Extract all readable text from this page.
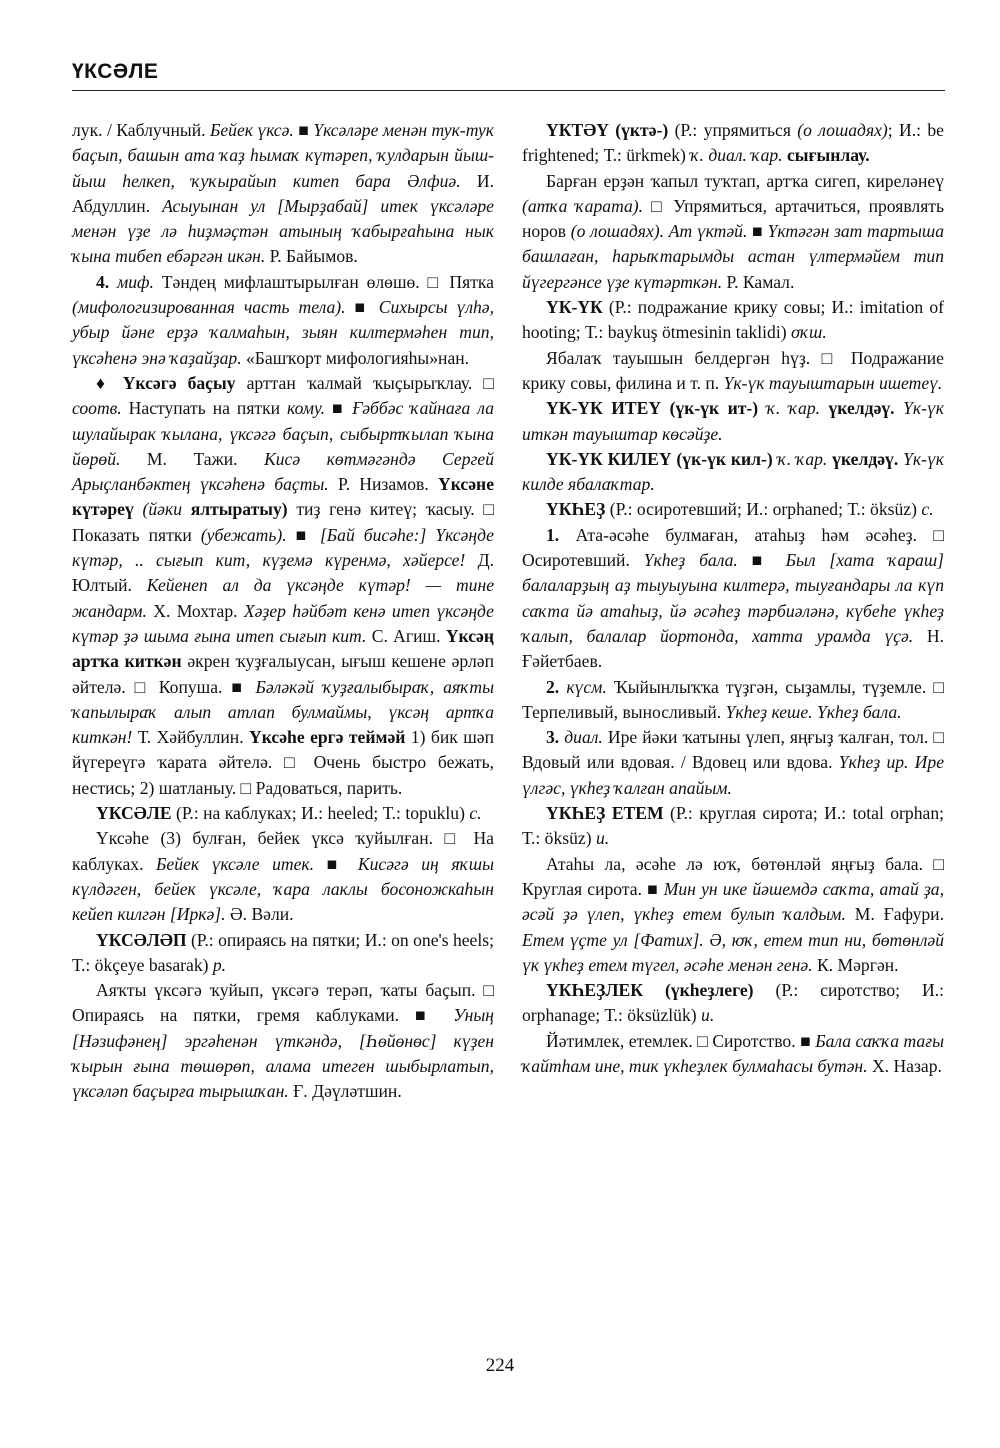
ҮКСӘЛЕ

лук. / Каблучный. Бейек үксә. ■ Үксәләре менән тук-тук баҫып, башын ата ҡаҙ һымаҡ күтәреп, ҡулдарын йыш-йыш һелкеп, ҡуҡырайып китеп бара Әлфиә. И. Абдуллин. Асыуынан ул [Мырҙабай] итек үксәләре менән үҙе лә һиҙмәҫтән атының ҡабырғаһына нык ҡына тибеп ебәргән икән. Р. Байымов.

4. миф. Тәндең мифлаштырылған өлөшө. □ Пятка (мифологизированная часть тела). ■ Сихырсы үлһә, убыр йәне ерҙә ҡалмаһын, зыян килтермәһен тип, үксәһенә энә ҡаҙайҙар. «Башҡорт мифологияһы»нан.

♦ Үксәгә баҫыу арттан ҡалмай ҡыҫырыҡлау. □ соотв. Наступать на пятки кому. ■ Ғәббәс ҡайнаға ла шулайырак ҡылана, үксәгә баҫып, сыбыртҡылап ҡына йөрөй. М. Тажи. Кисә көтмәгәндә Сергей Арыҫланбәктең үксәһенә баҫты. Р. Низамов. Үксәне күтәреү (йәки ялтыратыу) тиҙ генә китеү; ҡасыу. □ Показать пятки (убежать). ■ [Бай бисәһе:] Үксәңде күтәр, .. сығып кит, күҙемә күренмә, хәйерсе! Д. Юлтый. Кейенеп ал да үксәңде күтәр! — тине жандарм. Х. Мохтар. Хәҙер һәйбәт кенә итеп үксәңде күтәр ҙә шыма ғына итеп сығып кит. С. Агиш. Үксәң артҡа киткән әкрен ҡуҙғалыусан, ығыш кешене әрләп әйтелә. □ Копуша. ■ Бәләкәй ҡуҙғалыбыраҡ, аяҡты ҡапылыраҡ алып атлап булмаймы, үксәң артҡа киткән! Т. Хәйбуллин. Үксәһе ергә теймәй 1) бик шәп йүгереүгә ҡарата әйтелә. □ Очень быстро бежать, нестись; 2) шатланыу. □ Радоваться, парить.

ҮКСӘЛЕ (Р.: на каблуках; И.: heeled; Т.: topuklu) с.

Үксәһе (3) булған, бейек үксә ҡуйылған. □ На каблуках. Бейек үксәле итек. ■ Кисәгә иң яҡшы күлдәген, бейек үксәле, ҡара лаклы босоножкаһын кейеп килгән [Иркә]. Ә. Вәли.

ҮКСӘЛӘП (Р.: опираясь на пятки; И.: on one's heels; Т.: ökçeye basarak) р.

Аяҡты үксәгә ҡуйып, үксәгә терәп, ҡаты баҫып. □ Опираясь на пятки, гремя каблуками. ■ Уның [Нәзифәнең] эргәһенән үткәндә, [Һөйөнөс] күҙен ҡырын ғына төшөрөп, алама итеген шыбырлатып, үксәләп баҫырға тырышҡан. Ғ. Дәүләтшин.

ҮКТӘҮ (үктә-) (Р.: упрямиться (о лошадях); И.: be frightened; Т.: ürkmek) ҡ. диал. ҡар. сығынлау.

Барған ерҙән ҡапыл туҡтап, артҡа сигеп, киреләнеү (атҡа ҡарата). □ Упрямиться, артачиться, проявлять норов (о лошадях). Ат үктәй. ■ Үктәгән зат тартыша башлаған, һарыҡтарымды астан үлтермәйем тип йүгергәнсе үҙе күтәрткән. Р. Камал.

ҮК-ҮК (Р.: подражание крику совы; И.: imitation of hooting; Т.: baykuş ötmesinin taklidi) оҡш.

Ябалаҡ тауышын белдергән һүҙ. □ Подражание крику совы, филина и т. п. Үк-үк тауыштарын ишетеү.

ҮК-ҮК ИТЕҮ (үк-үк ит-) ҡ. ҡар. үкелдәү. Үк-үк иткән тауыштар көсәйҙе.

ҮК-ҮК КИЛЕҮ (үк-үк кил-) ҡ. ҡар. үкелдәү. Үк-үк килде ябалаҡтар.

ҮКҺЕҘ (Р.: осиротевший; И.: orphaned; Т.: öksüz) с.

1. Ата-әсәһе булмаған, атаһыҙ һәм әсәһеҙ. □ Осиротевший. Үкһеҙ бала. ■ Был [хата ҡараш] балаларҙың аҙ тыуыуына килтерә, тыуғандары ла күп саҡта йә атаһыҙ, йә әсәһеҙ тәрбиәләнә, күбеһе үкһеҙ ҡалып, балалар йортонда, хатта урамда үҫә. Н. Ғәйетбаев.

2. күсм. Ҡыйынлыҡҡа түҙгән, сыҙамлы, түҙемле. □ Терпеливый, выносливый. Үкһеҙ кеше. Үкһеҙ бала.

3. диал. Ире йәки ҡатыны үлеп, яңғыҙ ҡалған, тол. □ Вдовый или вдовая. / Вдовец или вдова. Үкһеҙ ир. Ире үлгәс, үкһеҙ ҡалған апайым.

ҮКҺЕҘ ЕТЕМ (Р.: круглая сирота; И.: total orphan; Т.: öksüz) и.

Атаһы ла, әсәһе лә юҡ, бөтөнләй яңғыҙ бала. □ Круглая сирота. ■ Мин ун ике йәшемдә саҡта, атай ҙа, әсәй ҙә үлеп, үкһеҙ етем булып ҡалдым. М. Ғафури. Етем үҫте ул [Фатих]. Ә, юҡ, етем тип ни, бөтөнләй үк үкһеҙ етем түгел, әсәһе менән генә. К. Мәргән.

ҮКҺЕҘЛЕК (үкһеҙлеге) (Р.: сиротство; И.: orphanage; Т.: öksüzlük) и.

Йәтимлек, етемлек. □ Сиротство. ■ Бала саҡҡа тағы ҡайтһам ине, тик үкһеҙлек булмаһасы бутән. Х. Назар.

224
